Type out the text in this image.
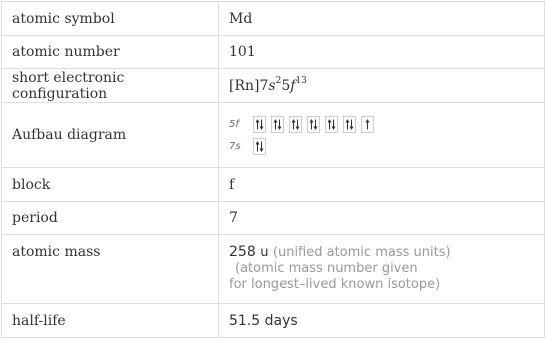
atomic symbol	Md
atomic number	101
short electronic configuration	$[Rn]7s^25f^{13}$
Aufbau diagram	5f
7s

block	f
period	7
atomic mass	258 u (unified atomic mass units)
(atomic mass number given
for longest–lived known isotope)
half-life	51.5 days
